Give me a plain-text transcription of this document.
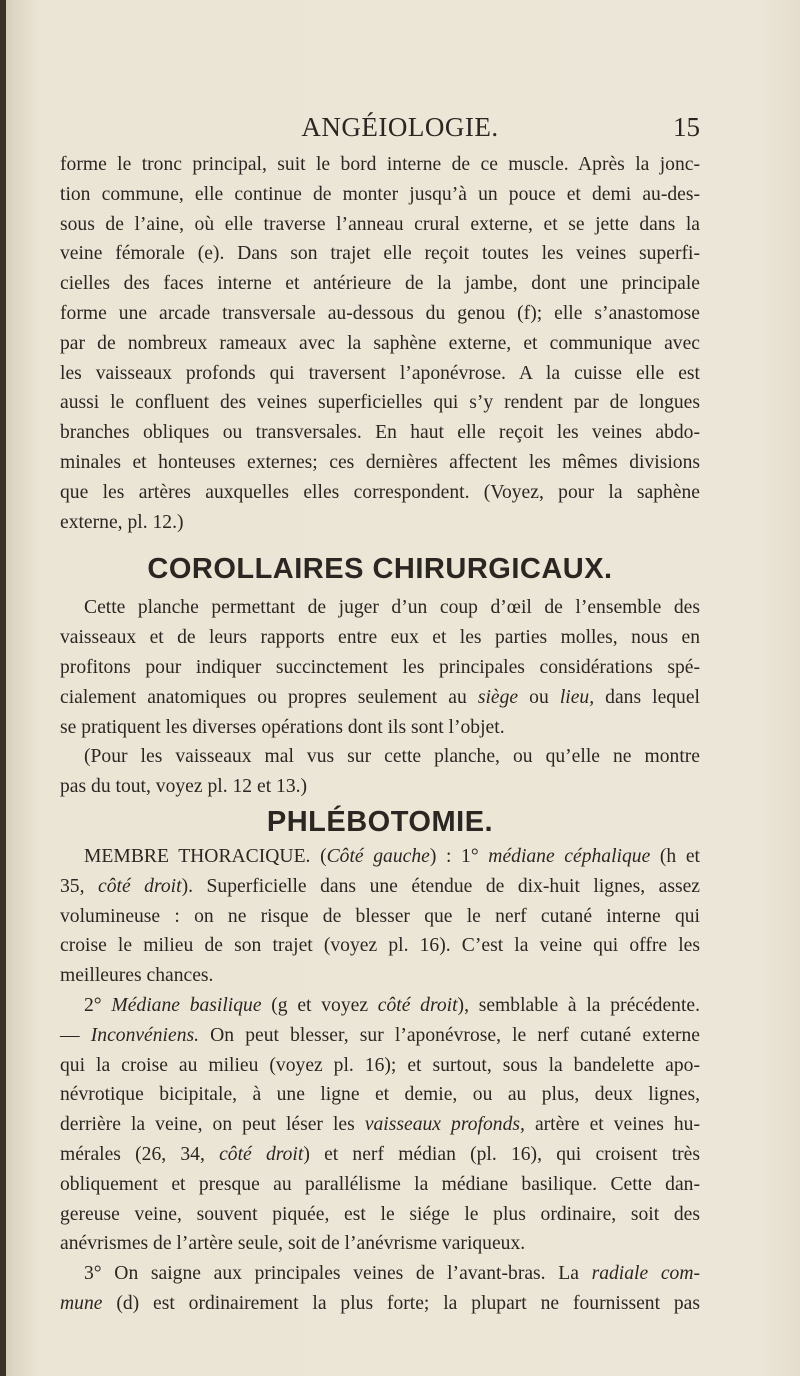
ANGÉIOLOGIE.	15

forme le tronc principal, suit le bord interne de ce muscle. Après la jonc-
tion commune, elle continue de monter jusqu’à un pouce et demi au-des-
sous de l’aine, où elle traverse l’anneau crural externe, et se jette dans la
veine fémorale (e). Dans son trajet elle reçoit toutes les veines superfi-
cielles des faces interne et antérieure de la jambe, dont une principale
forme une arcade transversale au-dessous du genou (f); elle s’anastomose
par de nombreux rameaux avec la saphène externe, et communique avec
les vaisseaux profonds qui traversent l’aponévrose. A la cuisse elle est
aussi le confluent des veines superficielles qui s’y rendent par de longues
branches obliques ou transversales. En haut elle reçoit les veines abdo-
minales et honteuses externes; ces dernières affectent les mêmes divisions
que les artères auxquelles elles correspondent. (Voyez, pour la saphène
externe, pl. 12.)

COROLLAIRES CHIRURGICAUX.

Cette planche permettant de juger d’un coup d’œil de l’ensemble des
vaisseaux et de leurs rapports entre eux et les parties molles, nous en
profitons pour indiquer succinctement les principales considérations spé-
cialement anatomiques ou propres seulement au siège ou lieu, dans lequel
se pratiquent les diverses opérations dont ils sont l’objet.

(Pour les vaisseaux mal vus sur cette planche, ou qu’elle ne montre
pas du tout, voyez pl. 12 et 13.)

PHLÉBOTOMIE.

MEMBRE THORACIQUE. (Côté gauche) : 1° médiane céphalique (h et
35, côté droit). Superficielle dans une étendue de dix-huit lignes, assez
volumineuse : on ne risque de blesser que le nerf cutané interne qui
croise le milieu de son trajet (voyez pl. 16). C’est la veine qui offre les
meilleures chances.

2° Médiane basilique (g et voyez côté droit), semblable à la précédente.
— Inconvéniens. On peut blesser, sur l’aponévrose, le nerf cutané externe
qui la croise au milieu (voyez pl. 16); et surtout, sous la bandelette apo-
névrotique bicipitale, à une ligne et demie, ou au plus, deux lignes,
derrière la veine, on peut léser les vaisseaux profonds, artère et veines hu-
mérales (26, 34, côté droit) et nerf médian (pl. 16), qui croisent très
obliquement et presque au parallélisme la médiane basilique. Cette dan-
gereuse veine, souvent piquée, est le siége le plus ordinaire, soit des
anévrismes de l’artère seule, soit de l’anévrisme variqueux.

3° On saigne aux principales veines de l’avant-bras. La radiale com-
mune (d) est ordinairement la plus forte; la plupart ne fournissent pas
